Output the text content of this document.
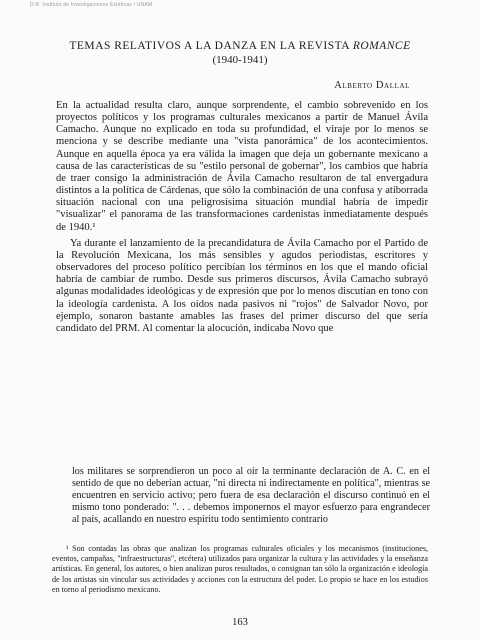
D.R. Instituto de Investigaciones Estéticas / UNAM
TEMAS RELATIVOS A LA DANZA EN LA REVISTA ROMANCE
(1940-1941)
Alberto Dallal

En la actualidad resulta claro, aunque sorprendente, el cambio sobrevenido en los proyectos políticos y los programas culturales mexicanos a partir de Manuel Ávila Camacho. Aunque no explicado en toda su profundidad, el viraje por lo menos se menciona y se describe mediante una "vista panorámica" de los acontecimientos. Aunque en aquella época ya era válida la imagen que deja un gobernante mexicano a causa de las características de su "estilo personal de gobernar", los cambios que habría de traer consigo la administración de Ávila Camacho resultaron de tal envergadura distintos a la política de Cárdenas, que sólo la combinación de una confusa y atiborrada situación nacional con una peligrosísima situación mundial habría de impedir "visualizar" el panorama de las transformaciones cardenistas inmediatamente después de 1940.¹

Ya durante el lanzamiento de la precandidatura de Ávila Camacho por el Partido de la Revolución Mexicana, los más sensibles y agudos periodistas, escritores y observadores del proceso político percibían los términos en los que el mando oficial habría de cambiar de rumbo. Desde sus primeros discursos, Ávila Camacho subrayó algunas modalidades ideológicas y de expresión que por lo menos discutían en tono con la ideología cardenista. A los oídos nada pasivos ni "rojos" de Salvador Novo, por ejemplo, sonaron bastante amables las frases del primer discurso del que sería candidato del PRM. Al comentar la alocución, indicaba Novo que

los militares se sorprendieron un poco al oír la terminante declaración de A. C. en el sentido de que no deberían actuar, "ni directa ni indirectamente en política", mientras se encuentren en servicio activo; pero fuera de esa declaración el discurso continuó en el mismo tono ponderado: ". . . debemos imponernos el mayor esfuerzo para engrandecer al país, acallando en nuestro espíritu todo sentimiento contrario

¹ Son contadas las obras que analizan los programas culturales oficiales y los mecanismos (instituciones, eventos, campañas, "infraestructuras", etcétera) utilizados para organizar la cultura y las actividades y la enseñanza artísticas. En general, los autores, o bien analizan puros resultados, o consignan tan sólo la organización e ideología de los artistas sin vincular sus actividades y acciones con la estructura del poder. Lo propio se hace en los estudios en torno al periodismo mexicano.

163
